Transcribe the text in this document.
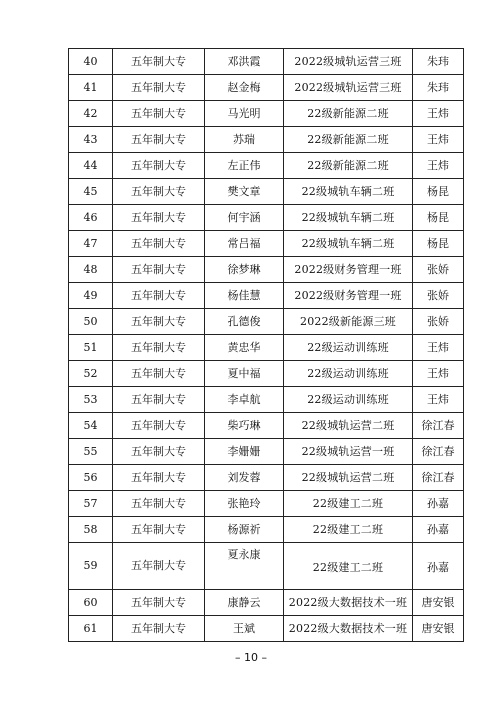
40	五年制大专	邓洪霞	2022级城轨运营三班	朱玮
41	五年制大专	赵金梅	2022级城轨运营三班	朱玮
42	五年制大专	马光明	22级新能源二班	王炜
43	五年制大专	苏瑞	22级新能源二班	王炜
44	五年制大专	左正伟	22级新能源二班	王炜
45	五年制大专	樊文章	22级城轨车辆二班	杨昆
46	五年制大专	何宇涵	22级城轨车辆二班	杨昆
47	五年制大专	常吕福	22级城轨车辆二班	杨昆
48	五年制大专	徐梦琳	2022级财务管理一班	张娇
49	五年制大专	杨佳慧	2022级财务管理一班	张娇
50	五年制大专	孔德俊	2022级新能源三班	张娇
51	五年制大专	黄忠华	22级运动训练班	王炜
52	五年制大专	夏中福	22级运动训练班	王炜
53	五年制大专	李卓航	22级运动训练班	王炜
54	五年制大专	柴巧琳	22级城轨运营二班	徐江春
55	五年制大专	李姗姗	22级城轨运营一班	徐江春
56	五年制大专	刘发蓉	22级城轨运营二班	徐江春
57	五年制大专	张艳玲	22级建工二班	孙嘉
58	五年制大专	杨源祈	22级建工二班	孙嘉
59	五年制大专	夏永康	22级建工二班	孙嘉
60	五年制大专	康静云	2022级大数据技术一班	唐安银
61	五年制大专	王斌	2022级大数据技术一班	唐安银
– 10 –
